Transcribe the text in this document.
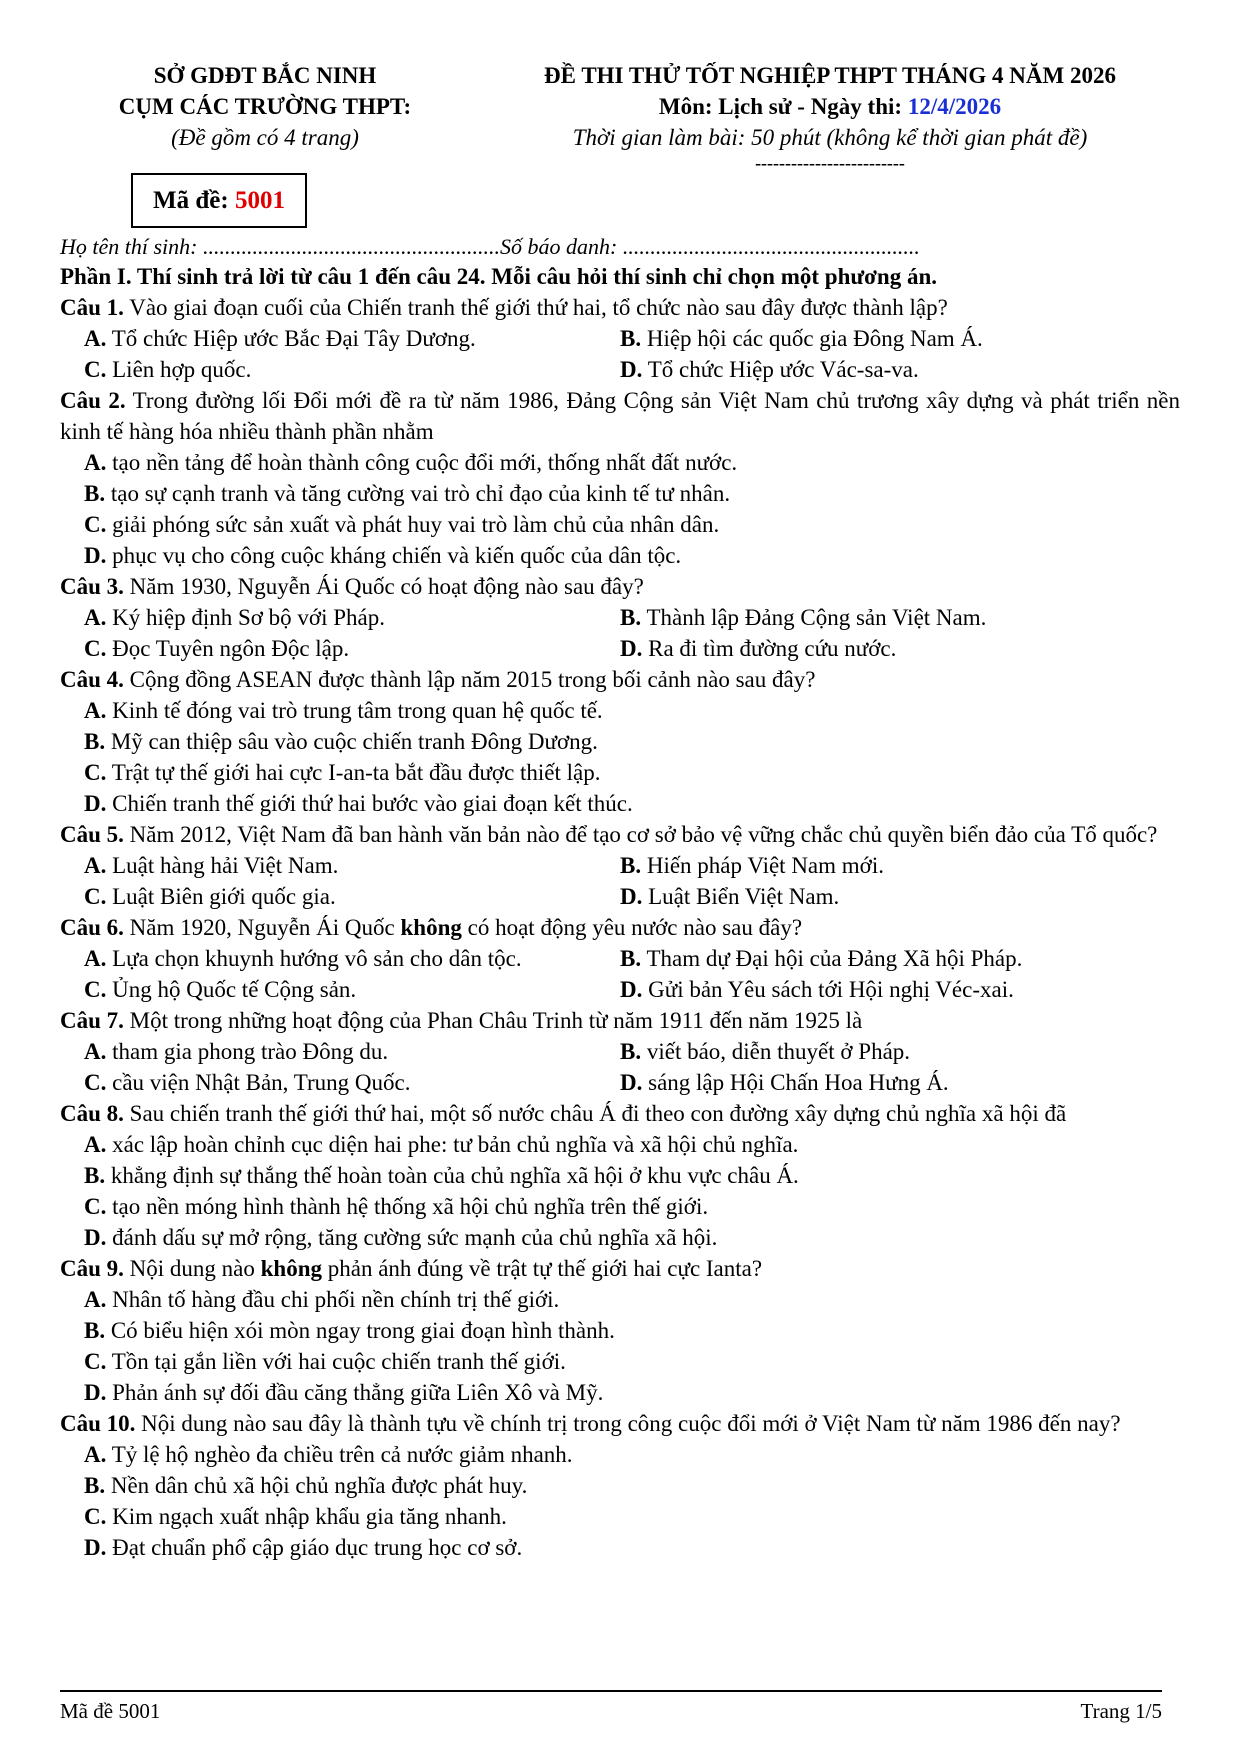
SỞ GDĐT BẮC NINH
CỤM CÁC TRƯỜNG THPT:
(Đề gồm có 4 trang)
ĐỀ THI THỬ TỐT NGHIỆP THPT THÁNG 4 NĂM 2026
Môn: Lịch sử - Ngày thi: 12/4/2026
Thời gian làm bài: 50 phút (không kể thời gian phát đề)
-------------------------
Mã đề:
5001
Họ tên thí sinh: ......................................................Số báo danh: ......................................................
Phần I. Thí sinh trả lời từ câu 1 đến câu 24. Mỗi câu hỏi thí sinh chỉ chọn một phương án.
Câu 1. Vào giai đoạn cuối của Chiến tranh thế giới thứ hai, tổ chức nào sau đây được thành lập?
A. Tổ chức Hiệp ước Bắc Đại Tây Dương.	B. Hiệp hội các quốc gia Đông Nam Á.
C. Liên hợp quốc.	D. Tổ chức Hiệp ước Vác-sa-va.
Câu 2. Trong đường lối Đổi mới đề ra từ năm 1986, Đảng Cộng sản Việt Nam chủ trương xây dựng và phát triển nền kinh tế hàng hóa nhiều thành phần nhằm
A. tạo nền tảng để hoàn thành công cuộc đổi mới, thống nhất đất nước.
B. tạo sự cạnh tranh và tăng cường vai trò chỉ đạo của kinh tế tư nhân.
C. giải phóng sức sản xuất và phát huy vai trò làm chủ của nhân dân.
D. phục vụ cho công cuộc kháng chiến và kiến quốc của dân tộc.
Câu 3. Năm 1930, Nguyễn Ái Quốc có hoạt động nào sau đây?
A. Ký hiệp định Sơ bộ với Pháp.	B. Thành lập Đảng Cộng sản Việt Nam.
C. Đọc Tuyên ngôn Độc lập.	D. Ra đi tìm đường cứu nước.
Câu 4. Cộng đồng ASEAN được thành lập năm 2015 trong bối cảnh nào sau đây?
A. Kinh tế đóng vai trò trung tâm trong quan hệ quốc tế.
B. Mỹ can thiệp sâu vào cuộc chiến tranh Đông Dương.
C. Trật tự thế giới hai cực I-an-ta bắt đầu được thiết lập.
D. Chiến tranh thế giới thứ hai bước vào giai đoạn kết thúc.
Câu 5. Năm 2012, Việt Nam đã ban hành văn bản nào để tạo cơ sở bảo vệ vững chắc chủ quyền biển đảo của Tổ quốc?
A. Luật hàng hải Việt Nam.	B. Hiến pháp Việt Nam mới.
C. Luật Biên giới quốc gia.	D. Luật Biển Việt Nam.
Câu 6. Năm 1920, Nguyễn Ái Quốc không có hoạt động yêu nước nào sau đây?
A. Lựa chọn khuynh hướng vô sản cho dân tộc.	B. Tham dự Đại hội của Đảng Xã hội Pháp.
C. Ủng hộ Quốc tế Cộng sản.	D. Gửi bản Yêu sách tới Hội nghị Véc-xai.
Câu 7. Một trong những hoạt động của Phan Châu Trinh từ năm 1911 đến năm 1925 là
A. tham gia phong trào Đông du.	B. viết báo, diễn thuyết ở Pháp.
C. cầu viện Nhật Bản, Trung Quốc.	D. sáng lập Hội Chấn Hoa Hưng Á.
Câu 8. Sau chiến tranh thế giới thứ hai, một số nước châu Á đi theo con đường xây dựng chủ nghĩa xã hội đã
A. xác lập hoàn chỉnh cục diện hai phe: tư bản chủ nghĩa và xã hội chủ nghĩa.
B. khẳng định sự thắng thế hoàn toàn của chủ nghĩa xã hội ở khu vực châu Á.
C. tạo nền móng hình thành hệ thống xã hội chủ nghĩa trên thế giới.
D. đánh dấu sự mở rộng, tăng cường sức mạnh của chủ nghĩa xã hội.
Câu 9. Nội dung nào không phản ánh đúng về trật tự thế giới hai cực Ianta?
A. Nhân tố hàng đầu chi phối nền chính trị thế giới.
B. Có biểu hiện xói mòn ngay trong giai đoạn hình thành.
C. Tồn tại gắn liền với hai cuộc chiến tranh thế giới.
D. Phản ánh sự đối đầu căng thẳng giữa Liên Xô và Mỹ.
Câu 10. Nội dung nào sau đây là thành tựu về chính trị trong công cuộc đổi mới ở Việt Nam từ năm 1986 đến nay?
A. Tỷ lệ hộ nghèo đa chiều trên cả nước giảm nhanh.
B. Nền dân chủ xã hội chủ nghĩa được phát huy.
C. Kim ngạch xuất nhập khẩu gia tăng nhanh.
D. Đạt chuẩn phổ cập giáo dục trung học cơ sở.
Mã đề 5001	Trang 1/5
